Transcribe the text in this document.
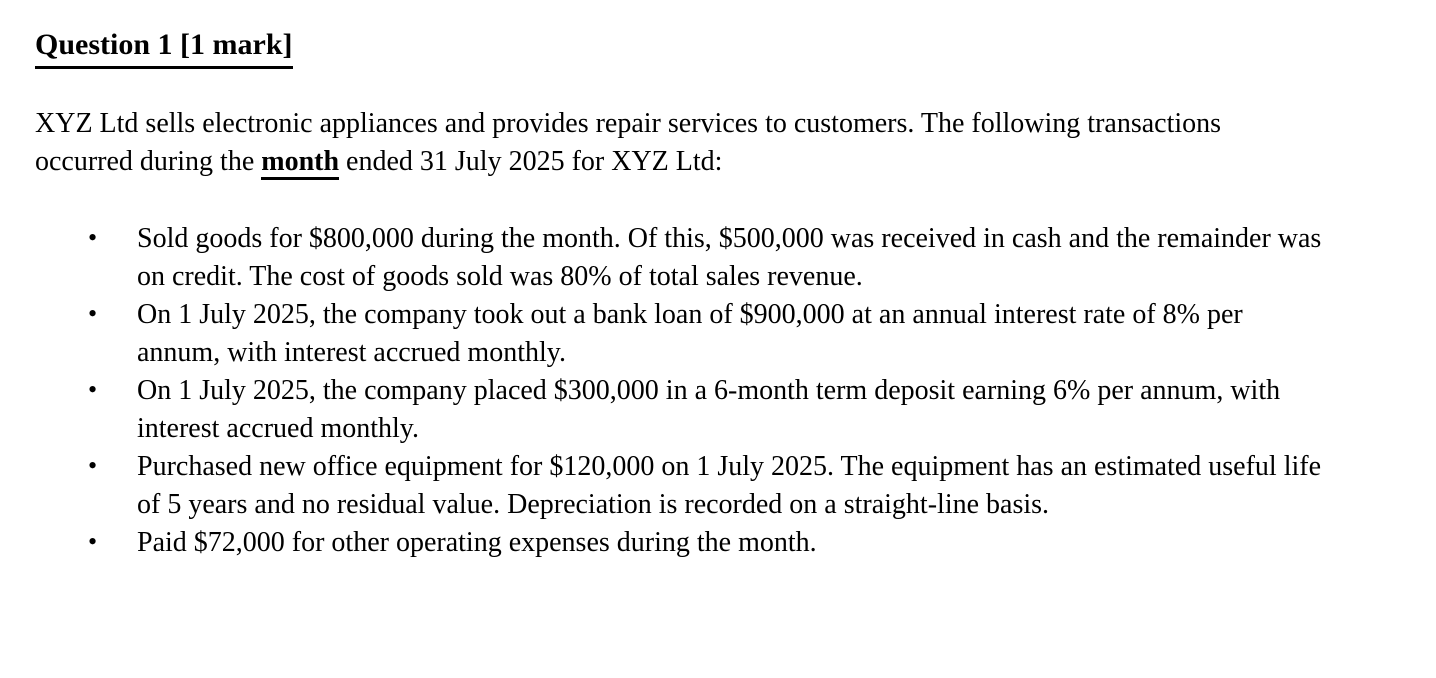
Question 1 [1 mark]

XYZ Ltd sells electronic appliances and provides repair services to customers. The following transactions occurred during the month ended 31 July 2025 for XYZ Ltd:

• Sold goods for $800,000 during the month. Of this, $500,000 was received in cash and the remainder was on credit. The cost of goods sold was 80% of total sales revenue.
• On 1 July 2025, the company took out a bank loan of $900,000 at an annual interest rate of 8% per annum, with interest accrued monthly.
• On 1 July 2025, the company placed $300,000 in a 6-month term deposit earning 6% per annum, with interest accrued monthly.
• Purchased new office equipment for $120,000 on 1 July 2025. The equipment has an estimated useful life of 5 years and no residual value. Depreciation is recorded on a straight-line basis.
• Paid $72,000 for other operating expenses during the month.
